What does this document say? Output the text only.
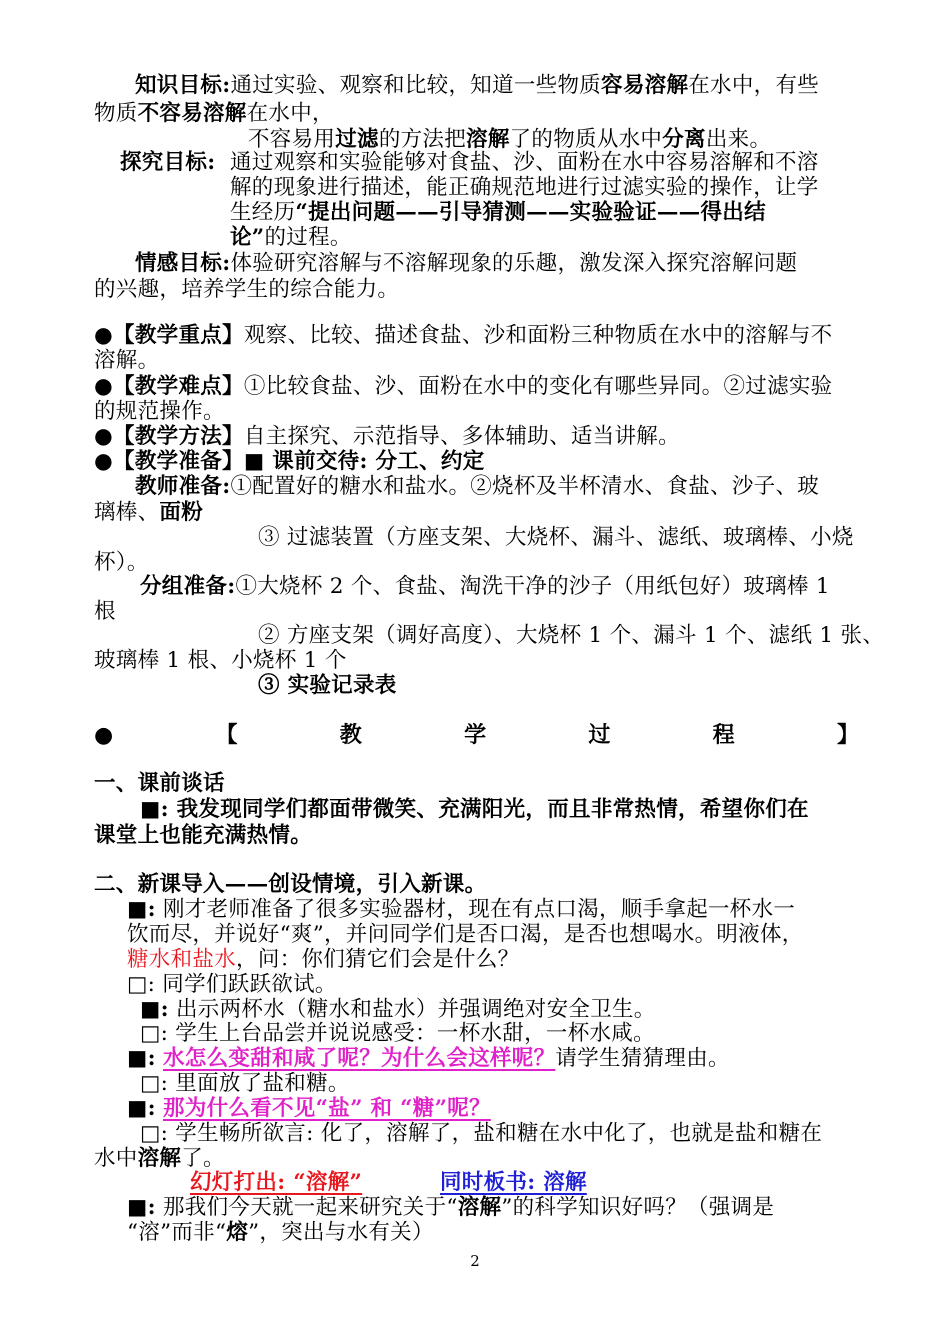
知识目标:通过实验、观察和比较，知道一些物质容易溶解在水中，有些
物质不容易溶解在水中，
不容易用过滤的方法把溶解了的物质从水中分离出来。
探究目标: 通过观察和实验能够对食盐、沙、面粉在水中容易溶解和不溶
解的现象进行描述，能正确规范地进行过滤实验的操作，让学
生经历“提出问题——引导猜测——实验验证——得出结
论”的过程。
情感目标:体验研究溶解与不溶解现象的乐趣，激发深入探究溶解问题
的兴趣，培养学生的综合能力。
●【教学重点】观察、比较、描述食盐、沙和面粉三种物质在水中的溶解与不
溶解。
●【教学难点】①比较食盐、沙、面粉在水中的变化有哪些异同。②过滤实验
的规范操作。
●【教学方法】自主探究、示范指导、多体辅助、适当讲解。
●【教学准备】■ 课前交待: 分工、约定
教师准备:①配置好的糖水和盐水。②烧杯及半杯清水、食盐、沙子、玻
璃棒、面粉
③ 过滤装置（方座支架、大烧杯、漏斗、滤纸、玻璃棒、小烧
杯）。
分组准备:①大烧杯 2 个、食盐、淘洗干净的沙子（用纸包好）玻璃棒 1
根
② 方座支架（调好高度）、大烧杯 1 个、漏斗 1 个、滤纸 1 张、
玻璃棒 1 根、小烧杯 1 个
③ 实验记录表
●	【	教	学	过	程	】
一、课前谈话
■: 我发现同学们都面带微笑、充满阳光，而且非常热情，希望你们在
课堂上也能充满热情。
二、新课导入——创设情境，引入新课。
■: 刚才老师准备了很多实验器材，现在有点口渴，顺手拿起一杯水一
饮而尽，并说好“爽”，并问同学们是否口渴，是否也想喝水。明液体，
糖水和盐水，问：你们猜它们会是什么？
□: 同学们跃跃欲试。
■: 出示两杯水（糖水和盐水）并强调绝对安全卫生。
□: 学生上台品尝并说说感受：一杯水甜，一杯水咸。
■: 水怎么变甜和咸了呢？为什么会这样呢？请学生猜猜理由。
□: 里面放了盐和糖。
■: 那为什么看不见“盐” 和 “糖”呢？
□: 学生畅所欲言: 化了，溶解了，盐和糖在水中化了，也就是盐和糖在
水中溶解了。
幻灯打出: “溶解”	同时板书: 溶解
■: 那我们今天就一起来研究关于“溶解”的科学知识好吗？（强调是
“溶”而非“熔”，突出与水有关）
2
